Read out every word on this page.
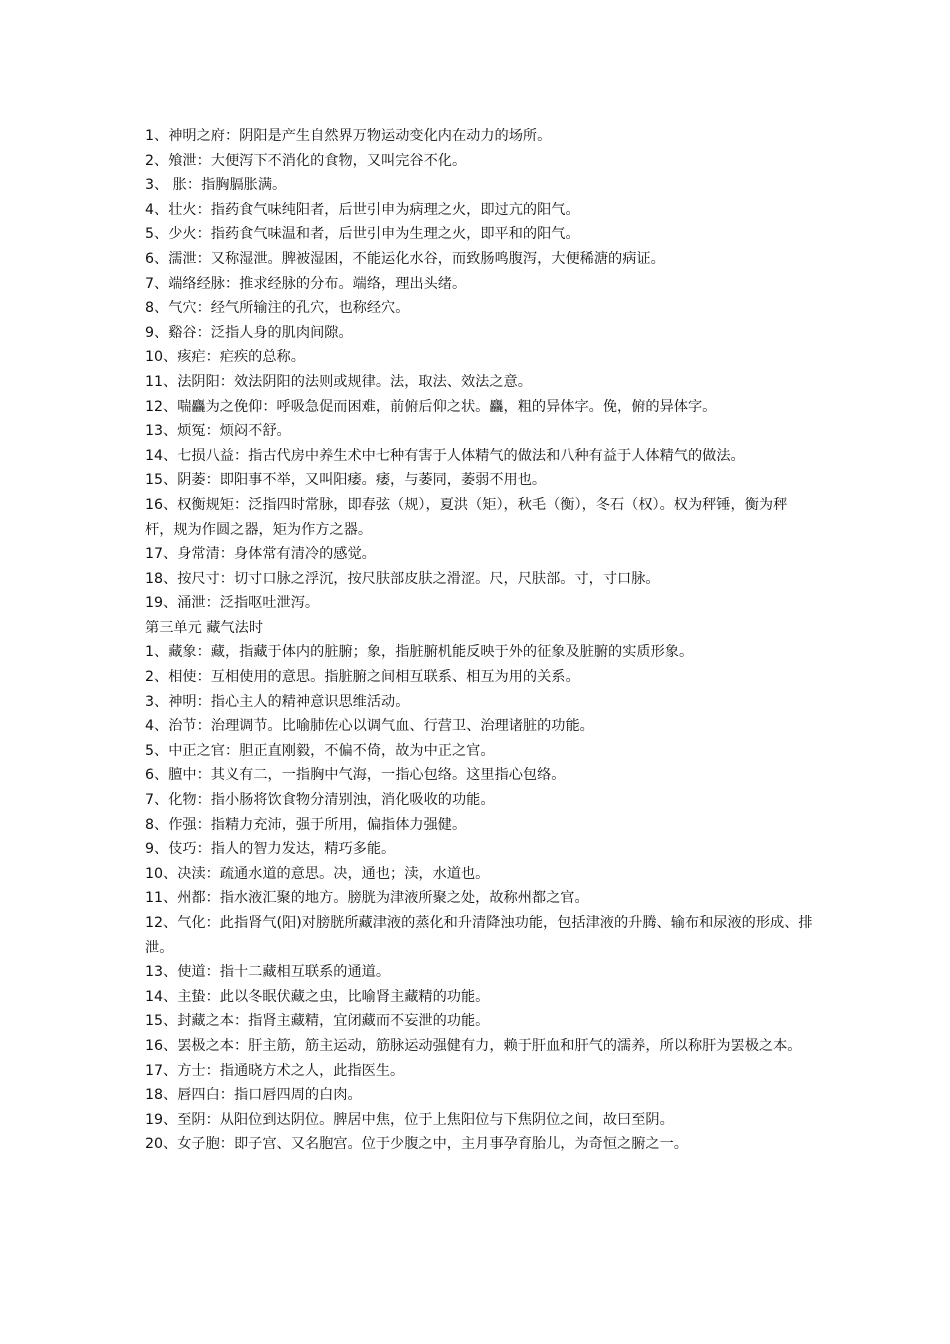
1、神明之府：阴阳是产生自然界万物运动变化内在动力的场所。
2、飧泄：大便泻下不消化的食物，又叫完谷不化。
3、 胀：指胸膈胀满。
4、壮火：指药食气味纯阳者，后世引申为病理之火，即过亢的阳气。
5、少火：指药食气味温和者，后世引申为生理之火，即平和的阳气。
6、濡泄：又称湿泄。脾被湿困，不能运化水谷，而致肠鸣腹泻，大便稀溏的病证。
7、端络经脉：推求经脉的分布。端络，理出头绪。
8、气穴：经气所输注的孔穴，也称经穴。
9、谿谷：泛指人身的肌肉间隙。
10、痎疟：疟疾的总称。
11、法阴阳：效法阴阳的法则或规律。法，取法、效法之意。
12、喘麤为之俛仰：呼吸急促而困难，前俯后仰之状。麤，粗的异体字。俛，俯的异体字。
13、烦冤：烦闷不舒。
14、七损八益：指古代房中养生术中七种有害于人体精气的做法和八种有益于人体精气的做法。
15、阴萎：即阳事不举，又叫阳痿。痿，与萎同，萎弱不用也。
16、权衡规矩：泛指四时常脉，即春弦（规），夏洪（矩），秋毛（衡），冬石（权）。权为秤锤，衡为秤杆，规为作圆之器，矩为作方之器。
17、身常清：身体常有清冷的感觉。
18、按尺寸：切寸口脉之浮沉，按尺肤部皮肤之滑涩。尺，尺肤部。寸，寸口脉。
19、涌泄：泛指呕吐泄泻。
第三单元 藏气法时
1、藏象：藏，指藏于体内的脏腑；象，指脏腑机能反映于外的征象及脏腑的实质形象。
2、相使：互相使用的意思。指脏腑之间相互联系、相互为用的关系。
3、神明：指心主人的精神意识思维活动。
4、治节：治理调节。比喻肺佐心以调气血、行营卫、治理诸脏的功能。
5、中正之官：胆正直刚毅，不偏不倚，故为中正之官。
6、膻中：其义有二，一指胸中气海，一指心包络。这里指心包络。
7、化物：指小肠将饮食物分清别浊，消化吸收的功能。
8、作强：指精力充沛，强于所用，偏指体力强健。
9、伎巧：指人的智力发达，精巧多能。
10、决渎：疏通水道的意思。决，通也；渎，水道也。
11、州都：指水液汇聚的地方。膀胱为津液所聚之处，故称州都之官。
12、气化：此指肾气(阳)对膀胱所藏津液的蒸化和升清降浊功能，包括津液的升腾、输布和尿液的形成、排泄。
13、使道：指十二藏相互联系的通道。
14、主蛰：此以冬眠伏藏之虫，比喻肾主藏精的功能。
15、封藏之本：指肾主藏精，宜闭藏而不妄泄的功能。
16、罢极之本：肝主筋，筋主运动，筋脉运动强健有力，赖于肝血和肝气的濡养，所以称肝为罢极之本。
17、方士：指通晓方术之人，此指医生。
18、唇四白：指口唇四周的白肉。
19、至阴：从阳位到达阴位。脾居中焦，位于上焦阳位与下焦阴位之间，故曰至阴。
20、女子胞：即子宫、又名胞宫。位于少腹之中，主月事孕育胎儿，为奇恒之腑之一。
